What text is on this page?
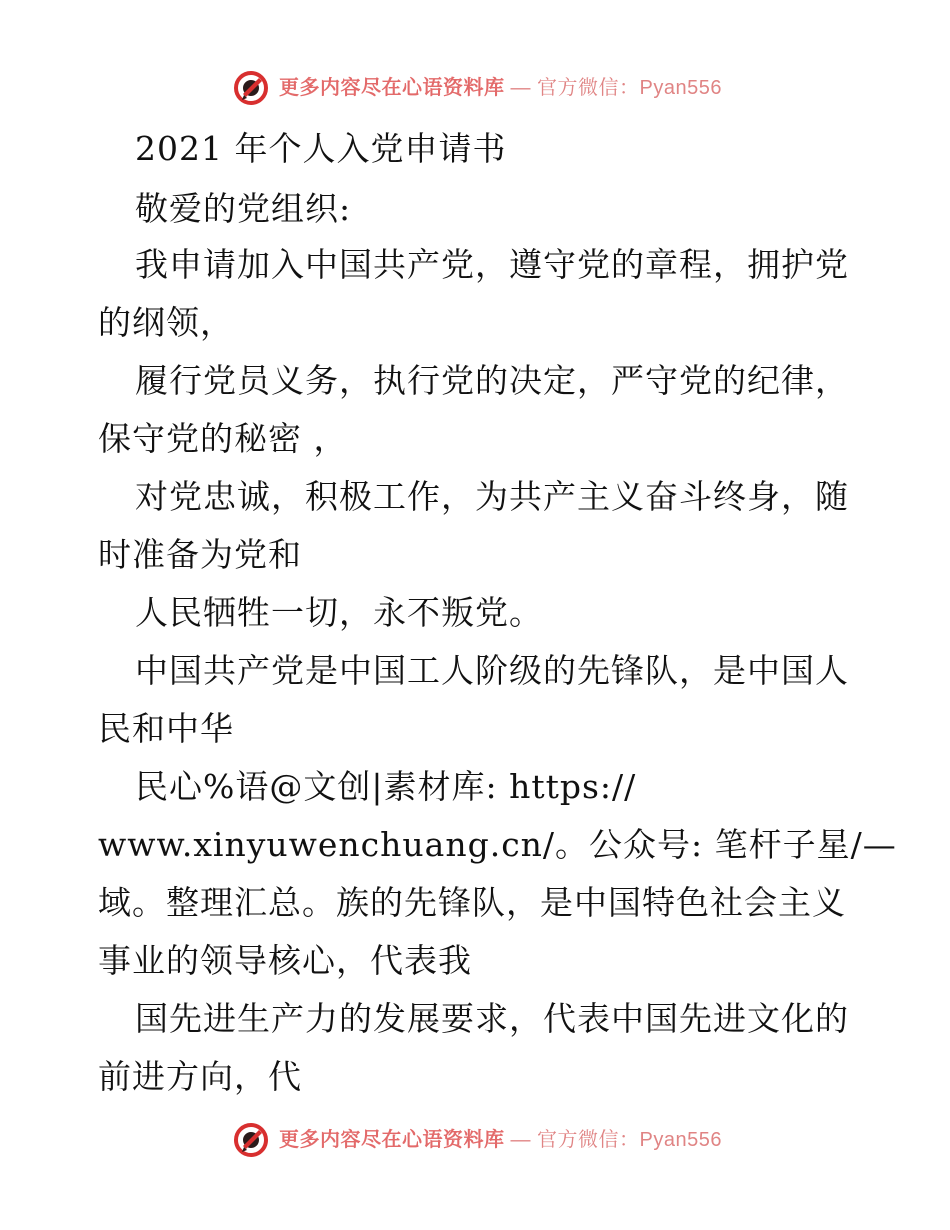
更多内容尽在心语资料库 — 官方微信：Pyan556
2021 年个人入党申请书
敬爱的党组织:
我申请加入中国共产党，遵守党的章程，拥护党
的纲领，
履行党员义务，执行党的决定，严守党的纪律，
保守党的秘密 ，
对党忠诚，积极工作，为共产主义奋斗终身，随
时准备为党和
人民牺牲一切，永不叛党。
中国共产党是中国工人阶级的先锋队，是中国人
民和中华
民心%语@文创|素材库: https://
www.xinyuwenchuang.cn/。公众号: 笔杆子星/—
域。整理汇总。族的先锋队，是中国特色社会主义
事业的领导核心，代表我
国先进生产力的发展要求，代表中国先进文化的
前进方向，代
更多内容尽在心语资料库 — 官方微信：Pyan556
